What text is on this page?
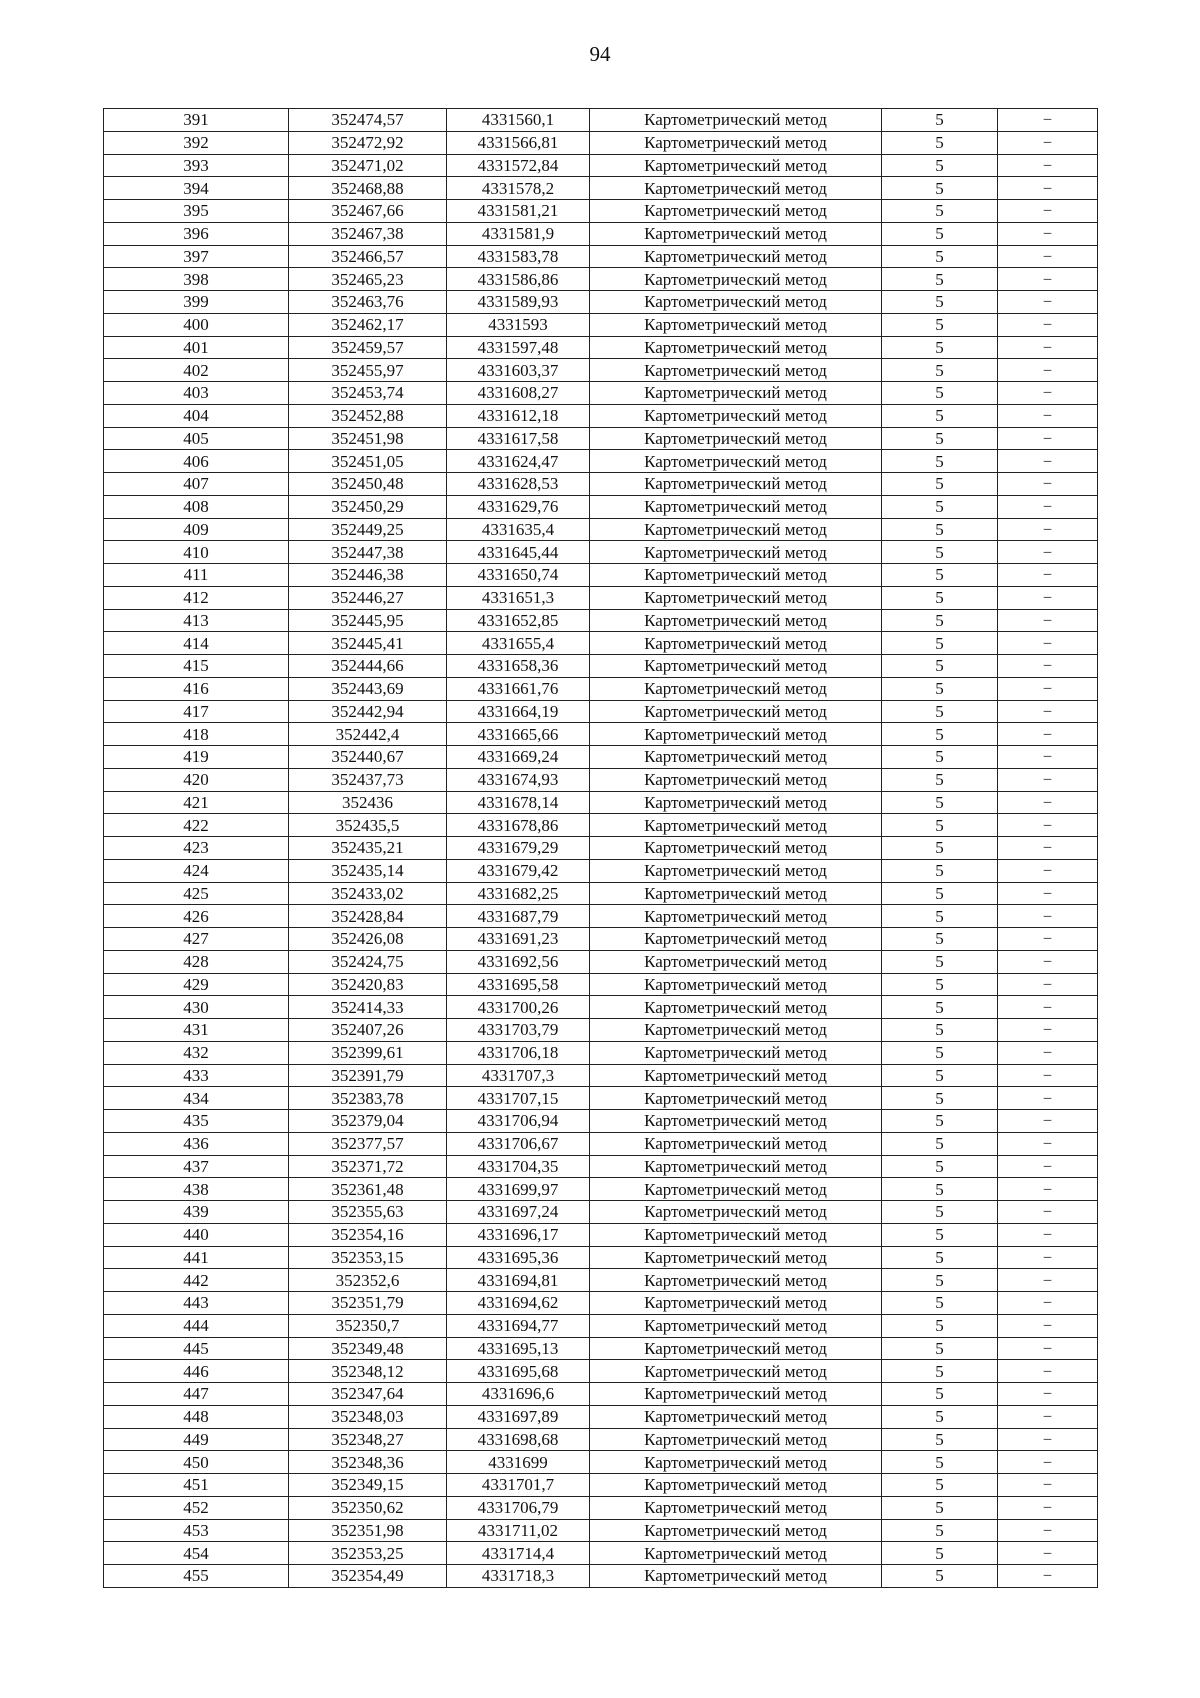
94
391	352474,57	4331560,1	Картометрический метод	5	–
392	352472,92	4331566,81	Картометрический метод	5	–
393	352471,02	4331572,84	Картометрический метод	5	–
394	352468,88	4331578,2	Картометрический метод	5	–
395	352467,66	4331581,21	Картометрический метод	5	–
396	352467,38	4331581,9	Картометрический метод	5	–
397	352466,57	4331583,78	Картометрический метод	5	–
398	352465,23	4331586,86	Картометрический метод	5	–
399	352463,76	4331589,93	Картометрический метод	5	–
400	352462,17	4331593	Картометрический метод	5	–
401	352459,57	4331597,48	Картометрический метод	5	–
402	352455,97	4331603,37	Картометрический метод	5	–
403	352453,74	4331608,27	Картометрический метод	5	–
404	352452,88	4331612,18	Картометрический метод	5	–
405	352451,98	4331617,58	Картометрический метод	5	–
406	352451,05	4331624,47	Картометрический метод	5	–
407	352450,48	4331628,53	Картометрический метод	5	–
408	352450,29	4331629,76	Картометрический метод	5	–
409	352449,25	4331635,4	Картометрический метод	5	–
410	352447,38	4331645,44	Картометрический метод	5	–
411	352446,38	4331650,74	Картометрический метод	5	–
412	352446,27	4331651,3	Картометрический метод	5	–
413	352445,95	4331652,85	Картометрический метод	5	–
414	352445,41	4331655,4	Картометрический метод	5	–
415	352444,66	4331658,36	Картометрический метод	5	–
416	352443,69	4331661,76	Картометрический метод	5	–
417	352442,94	4331664,19	Картометрический метод	5	–
418	352442,4	4331665,66	Картометрический метод	5	–
419	352440,67	4331669,24	Картометрический метод	5	–
420	352437,73	4331674,93	Картометрический метод	5	–
421	352436	4331678,14	Картометрический метод	5	–
422	352435,5	4331678,86	Картометрический метод	5	–
423	352435,21	4331679,29	Картометрический метод	5	–
424	352435,14	4331679,42	Картометрический метод	5	–
425	352433,02	4331682,25	Картометрический метод	5	–
426	352428,84	4331687,79	Картометрический метод	5	–
427	352426,08	4331691,23	Картометрический метод	5	–
428	352424,75	4331692,56	Картометрический метод	5	–
429	352420,83	4331695,58	Картометрический метод	5	–
430	352414,33	4331700,26	Картометрический метод	5	–
431	352407,26	4331703,79	Картометрический метод	5	–
432	352399,61	4331706,18	Картометрический метод	5	–
433	352391,79	4331707,3	Картометрический метод	5	–
434	352383,78	4331707,15	Картометрический метод	5	–
435	352379,04	4331706,94	Картометрический метод	5	–
436	352377,57	4331706,67	Картометрический метод	5	–
437	352371,72	4331704,35	Картометрический метод	5	–
438	352361,48	4331699,97	Картометрический метод	5	–
439	352355,63	4331697,24	Картометрический метод	5	–
440	352354,16	4331696,17	Картометрический метод	5	–
441	352353,15	4331695,36	Картометрический метод	5	–
442	352352,6	4331694,81	Картометрический метод	5	–
443	352351,79	4331694,62	Картометрический метод	5	–
444	352350,7	4331694,77	Картометрический метод	5	–
445	352349,48	4331695,13	Картометрический метод	5	–
446	352348,12	4331695,68	Картометрический метод	5	–
447	352347,64	4331696,6	Картометрический метод	5	–
448	352348,03	4331697,89	Картометрический метод	5	–
449	352348,27	4331698,68	Картометрический метод	5	–
450	352348,36	4331699	Картометрический метод	5	–
451	352349,15	4331701,7	Картометрический метод	5	–
452	352350,62	4331706,79	Картометрический метод	5	–
453	352351,98	4331711,02	Картометрический метод	5	–
454	352353,25	4331714,4	Картометрический метод	5	–
455	352354,49	4331718,3	Картометрический метод	5	–
